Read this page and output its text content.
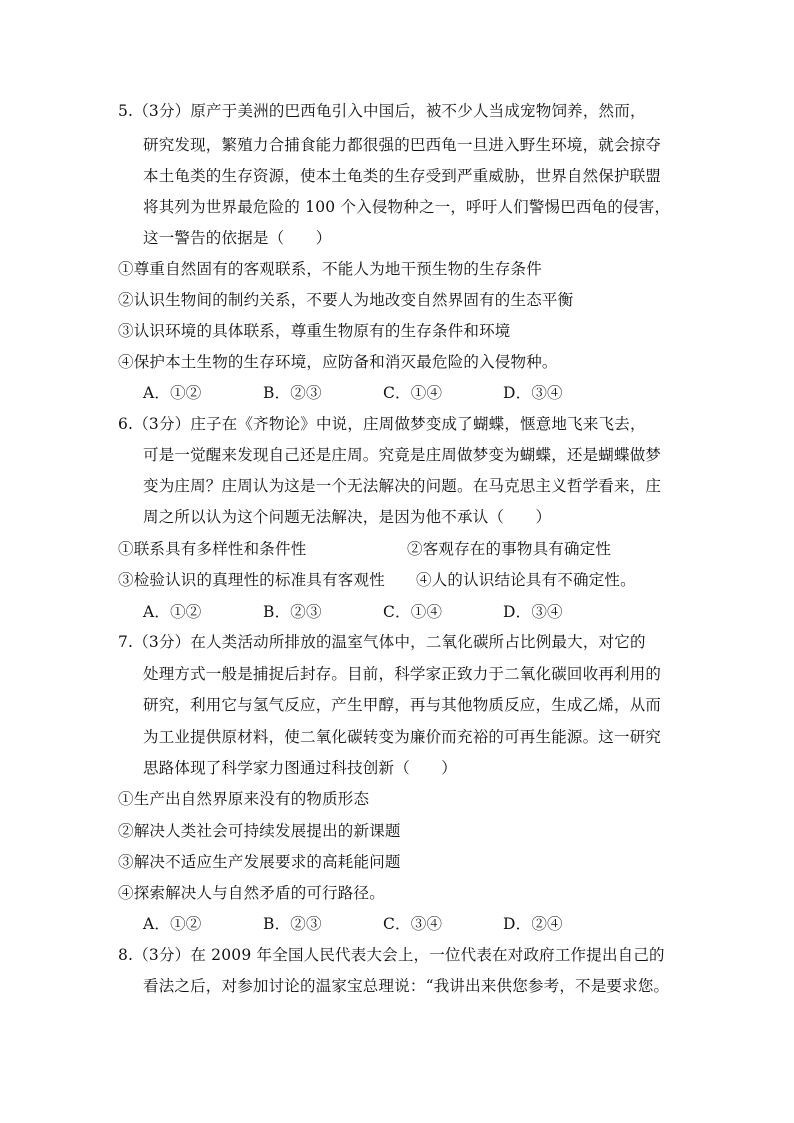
5.（3分）原产于美洲的巴西龟引入中国后，被不少人当成宠物饲养，然而，
研究发现，繁殖力合捕食能力都很强的巴西龟一旦进入野生环境，就会掠夺
本土龟类的生存资源，使本土龟类的生存受到严重威胁，世界自然保护联盟
将其列为世界最危险的 100 个入侵物种之一，呼吁人们警惕巴西龟的侵害，
这一警告的依据是（　　）
①尊重自然固有的客观联系，不能人为地干预生物的生存条件
②认识生物间的制约关系，不要人为地改变自然界固有的生态平衡
③认识环境的具体联系，尊重生物原有的生存条件和环境
④保护本土生物的生存环境，应防备和消灭最危险的入侵物种。
A．①②	B．②③	C．①④	D．③④
6.（3分）庄子在《齐物论》中说，庄周做梦变成了蝴蝶，惬意地飞来飞去，
可是一觉醒来发现自己还是庄周。究竟是庄周做梦变为蝴蝶，还是蝴蝶做梦
变为庄周？庄周认为这是一个无法解决的问题。在马克思主义哲学看来，庄
周之所以认为这个问题无法解决，是因为他不承认（　　）
①联系具有多样性和条件性	②客观存在的事物具有确定性
③检验认识的真理性的标准具有客观性 ④人的认识结论具有不确定性。
A．①②	B．②③	C．①④	D．③④
7.（3分）在人类活动所排放的温室气体中，二氧化碳所占比例最大，对它的
处理方式一般是捕捉后封存。目前，科学家正致力于二氧化碳回收再利用的
研究，利用它与氢气反应，产生甲醇，再与其他物质反应，生成乙烯，从而
为工业提供原材料，使二氧化碳转变为廉价而充裕的可再生能源。这一研究
思路体现了科学家力图通过科技创新（　　）
①生产出自然界原来没有的物质形态
②解决人类社会可持续发展提出的新课题
③解决不适应生产发展要求的高耗能问题
④探索解决人与自然矛盾的可行路径。
A．①②	B．②③	C．③④	D．②④
8.（3分）在 2009 年全国人民代表大会上，一位代表在对政府工作提出自己的
看法之后，对参加讨论的温家宝总理说：“我讲出来供您参考，不是要求您。
